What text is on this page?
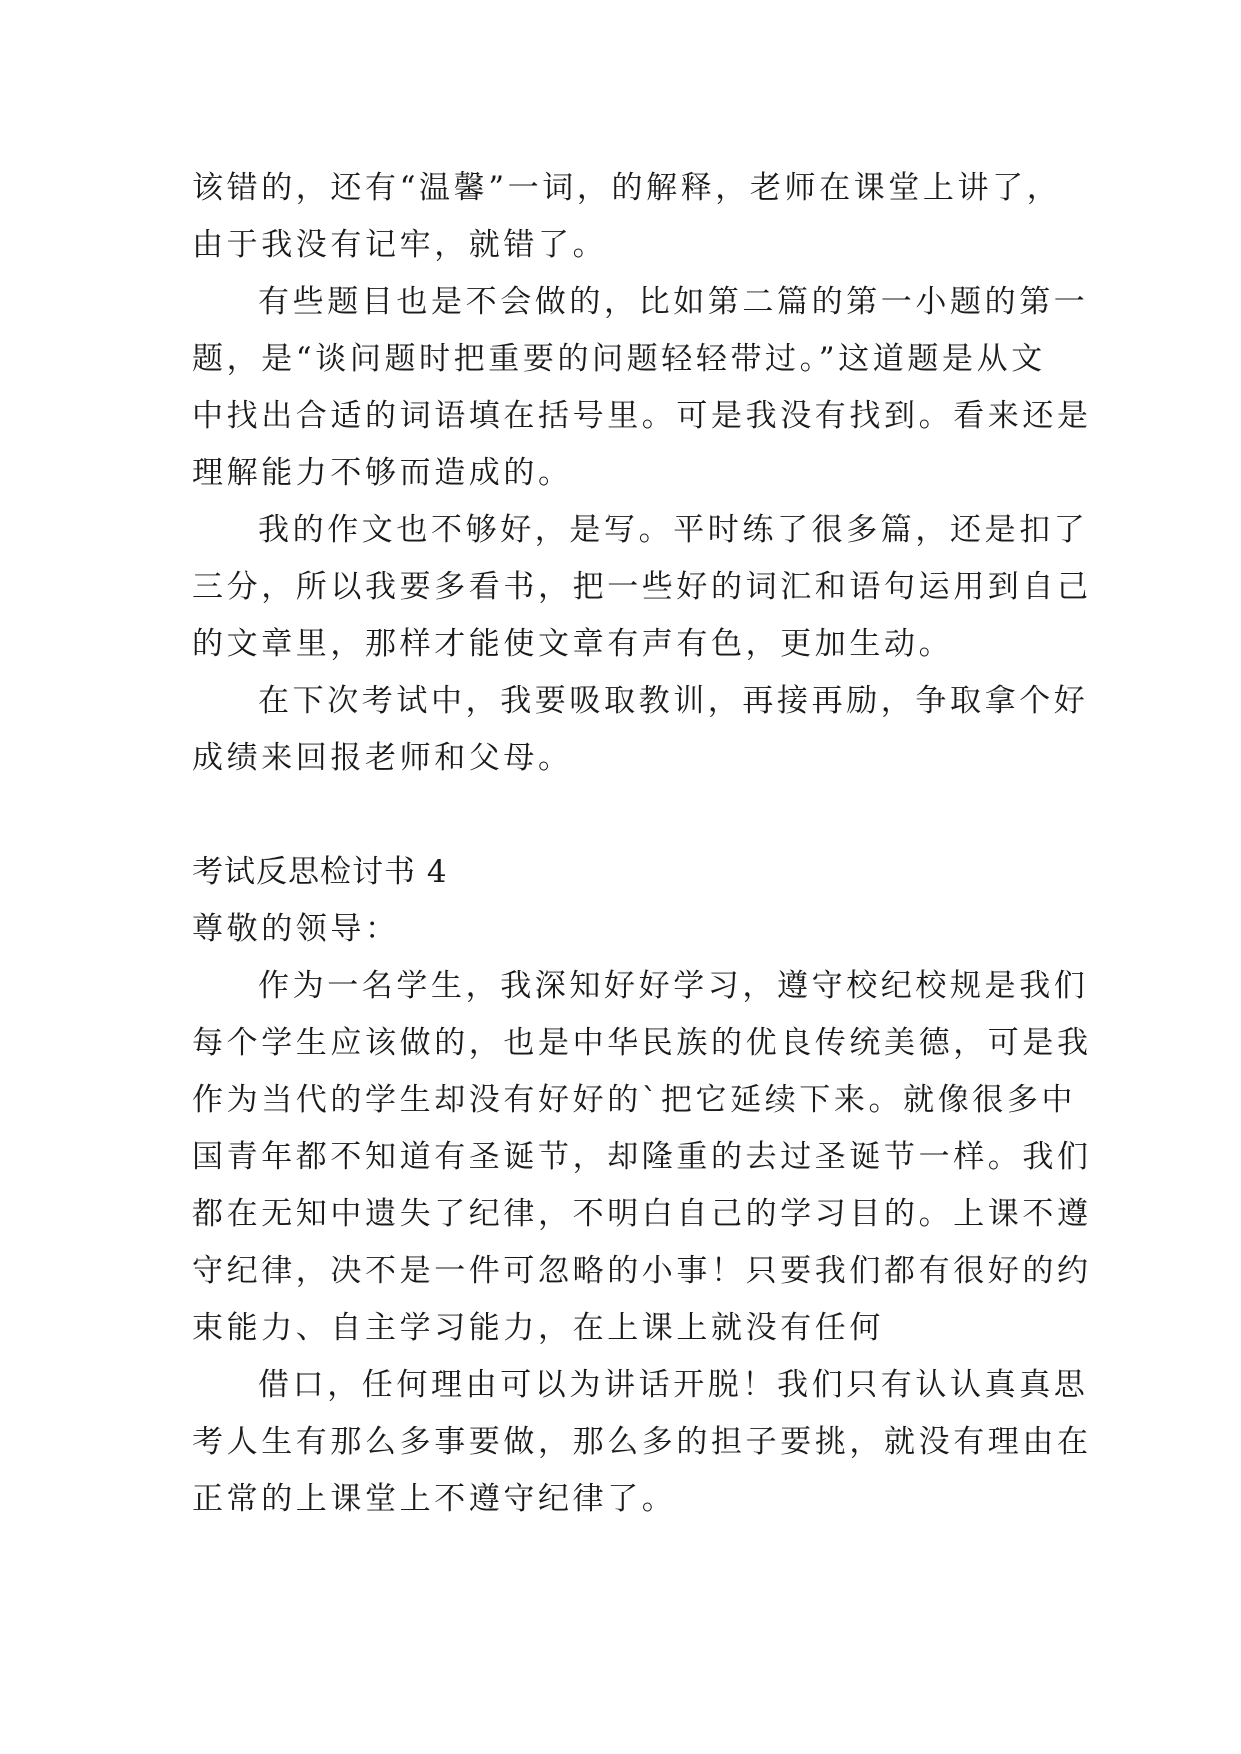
该错的，还有“温馨”一词，的解释，老师在课堂上讲了，
由于我没有记牢，就错了。
有些题目也是不会做的，比如第二篇的第一小题的第一
题，是“谈问题时把重要的问题轻轻带过。”这道题是从文
中找出合适的词语填在括号里。可是我没有找到。看来还是
理解能力不够而造成的。
我的作文也不够好，是写。平时练了很多篇，还是扣了
三分，所以我要多看书，把一些好的词汇和语句运用到自己
的文章里，那样才能使文章有声有色，更加生动。
在下次考试中，我要吸取教训，再接再励，争取拿个好
成绩来回报老师和父母。
考试反思检讨书 4
尊敬的领导：
作为一名学生，我深知好好学习，遵守校纪校规是我们
每个学生应该做的，也是中华民族的优良传统美德，可是我
作为当代的学生却没有好好的`把它延续下来。就像很多中
国青年都不知道有圣诞节，却隆重的去过圣诞节一样。我们
都在无知中遗失了纪律，不明白自己的学习目的。上课不遵
守纪律，决不是一件可忽略的小事！只要我们都有很好的约
束能力、自主学习能力，在上课上就没有任何
借口，任何理由可以为讲话开脱！我们只有认认真真思
考人生有那么多事要做，那么多的担子要挑，就没有理由在
正常的上课堂上不遵守纪律了。
